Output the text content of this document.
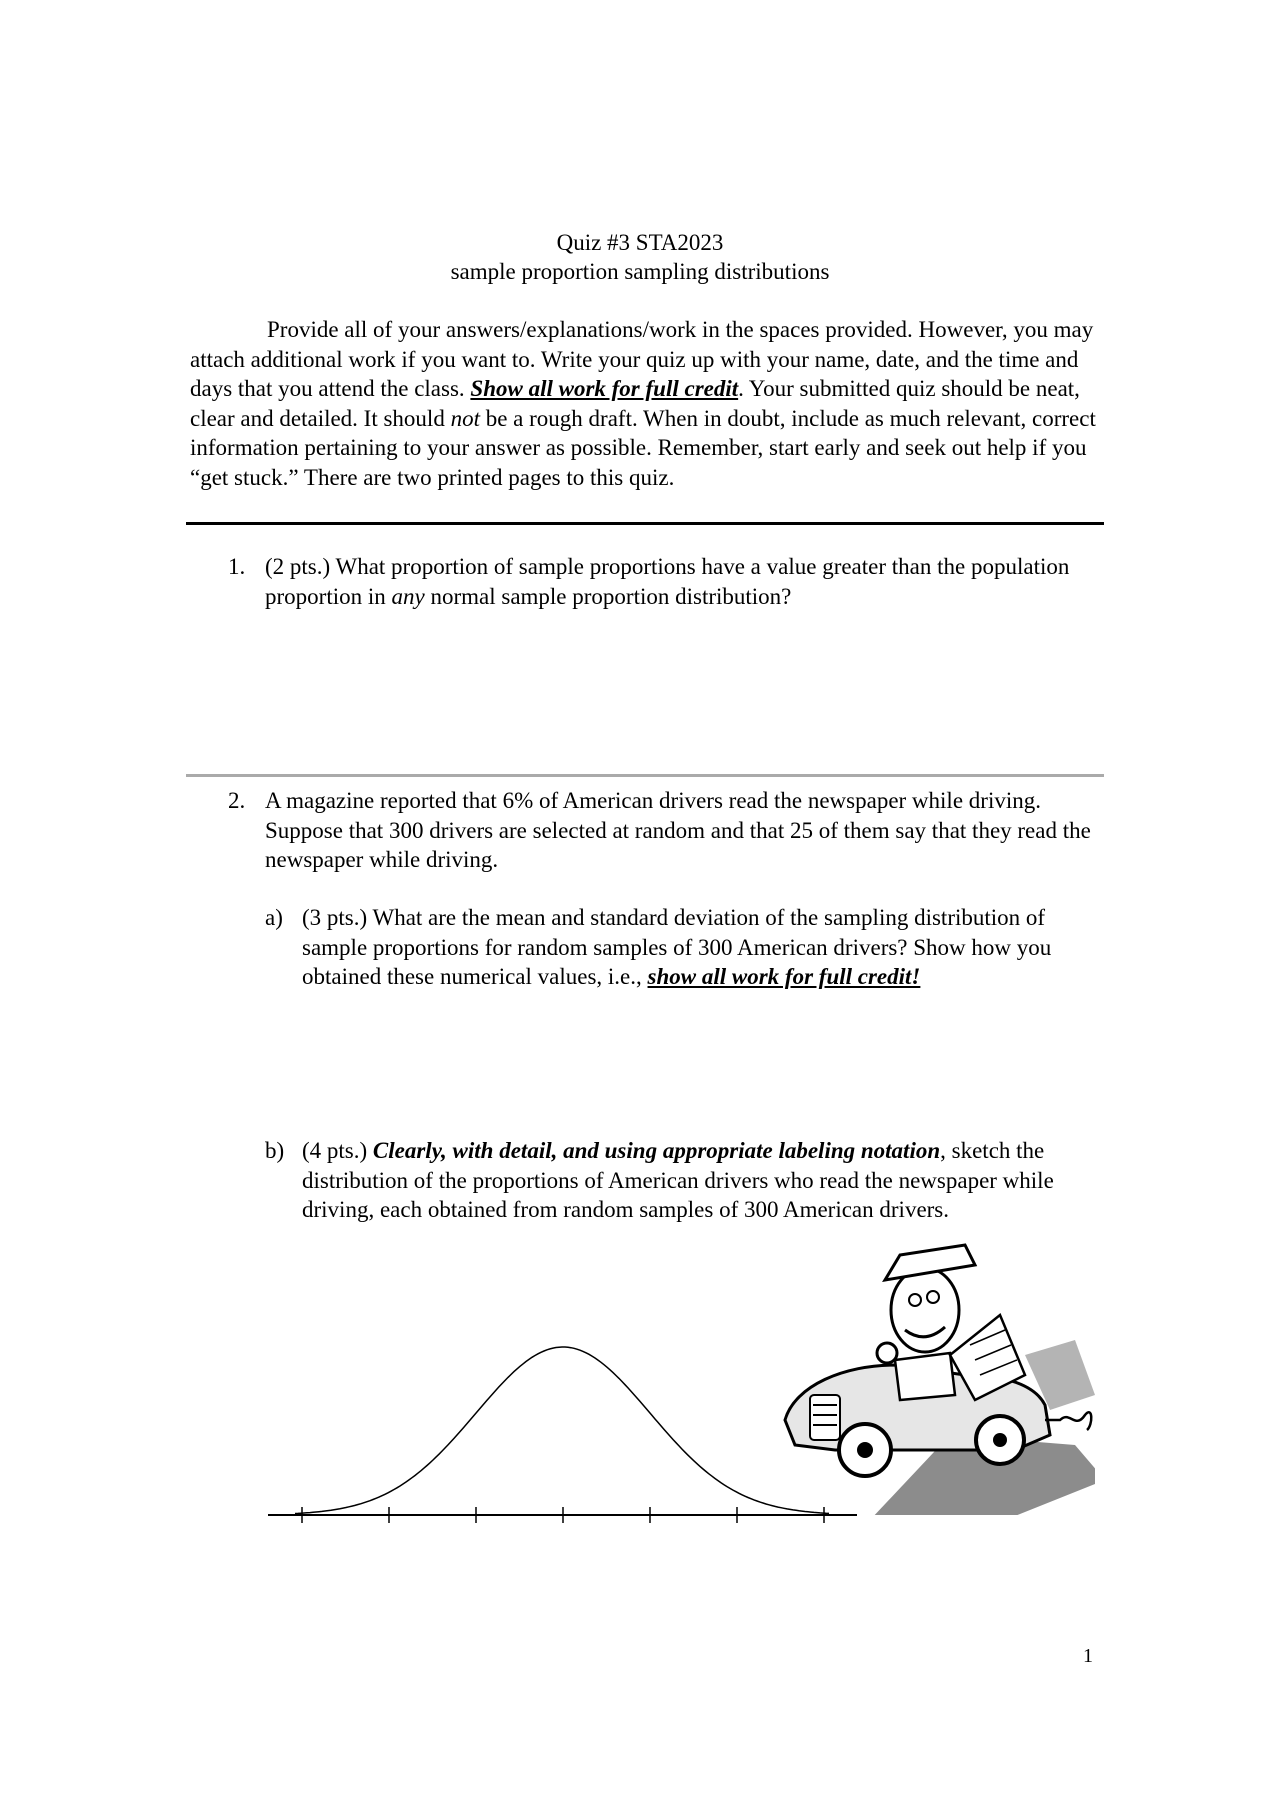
Quiz #3 STA2023
sample proportion sampling distributions
Provide all of your answers/explanations/work in the spaces provided. However, you may attach additional work if you want to. Write your quiz up with your name, date, and the time and days that you attend the class. Show all work for full credit. Your submitted quiz should be neat, clear and detailed. It should not be a rough draft. When in doubt, include as much relevant, correct information pertaining to your answer as possible. Remember, start early and seek out help if you “get stuck.” There are two printed pages to this quiz.
1. (2 pts.) What proportion of sample proportions have a value greater than the population proportion in any normal sample proportion distribution?
2. A magazine reported that 6% of American drivers read the newspaper while driving. Suppose that 300 drivers are selected at random and that 25 of them say that they read the newspaper while driving.
a) (3 pts.) What are the mean and standard deviation of the sampling distribution of sample proportions for random samples of 300 American drivers? Show how you obtained these numerical values, i.e., show all work for full credit!
b) (4 pts.) Clearly, with detail, and using appropriate labeling notation, sketch the distribution of the proportions of American drivers who read the newspaper while driving, each obtained from random samples of 300 American drivers.
1
